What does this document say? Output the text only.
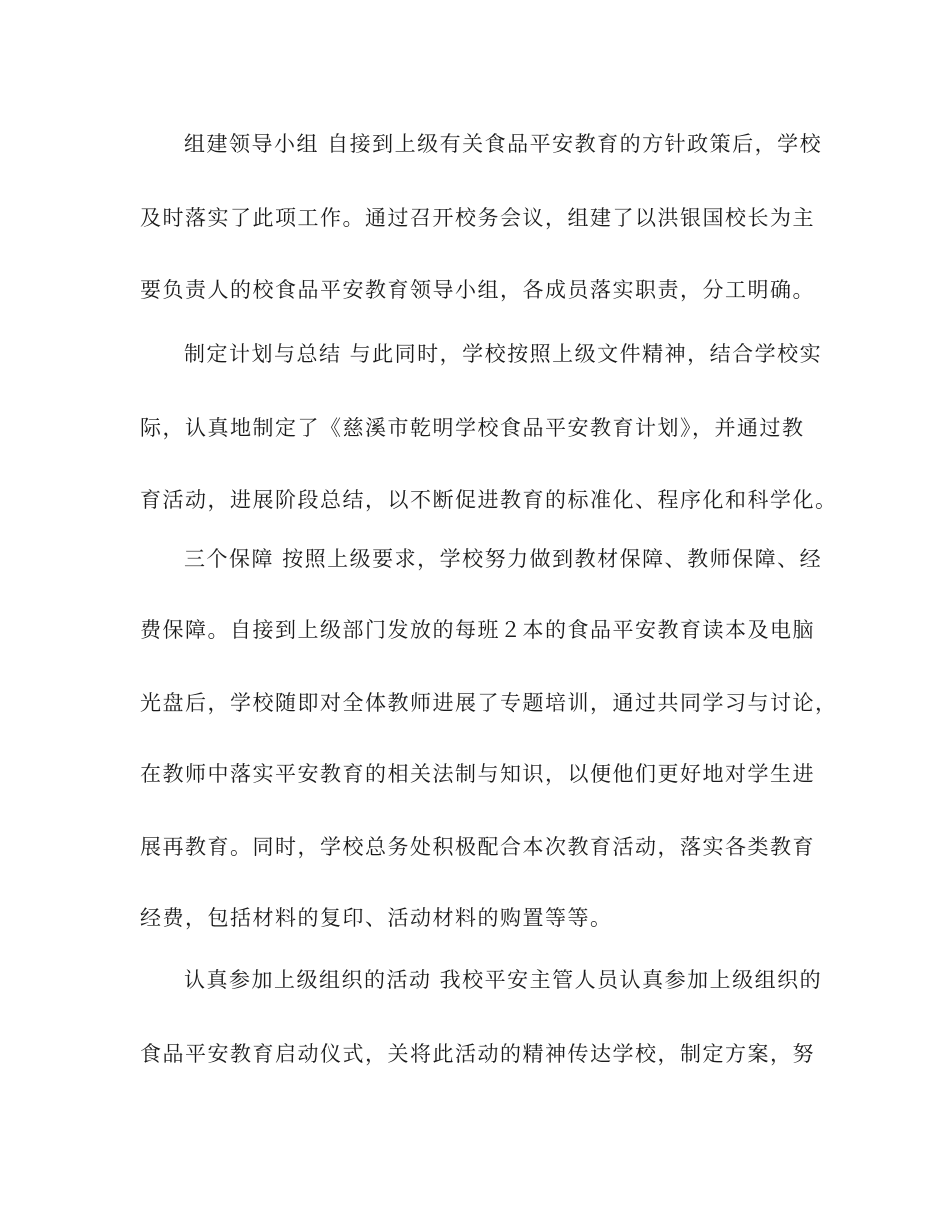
组建领导小组 自接到上级有关食品平安教育的方针政策后，学校
及时落实了此项工作。通过召开校务会议，组建了以洪银国校长为主
要负责人的校食品平安教育领导小组，各成员落实职责，分工明确。
制定计划与总结 与此同时，学校按照上级文件精神，结合学校实
际，认真地制定了《慈溪市乾明学校食品平安教育计划》，并通过教
育活动，进展阶段总结，以不断促进教育的标准化、程序化和科学化。
三个保障 按照上级要求，学校努力做到教材保障、教师保障、经
费保障。自接到上级部门发放的每班２本的食品平安教育读本及电脑
光盘后，学校随即对全体教师进展了专题培训，通过共同学习与讨论，
在教师中落实平安教育的相关法制与知识，以便他们更好地对学生进
展再教育。同时，学校总务处积极配合本次教育活动，落实各类教育
经费，包括材料的复印、活动材料的购置等等。
认真参加上级组织的活动 我校平安主管人员认真参加上级组织的
食品平安教育启动仪式，关将此活动的精神传达学校，制定方案，努
